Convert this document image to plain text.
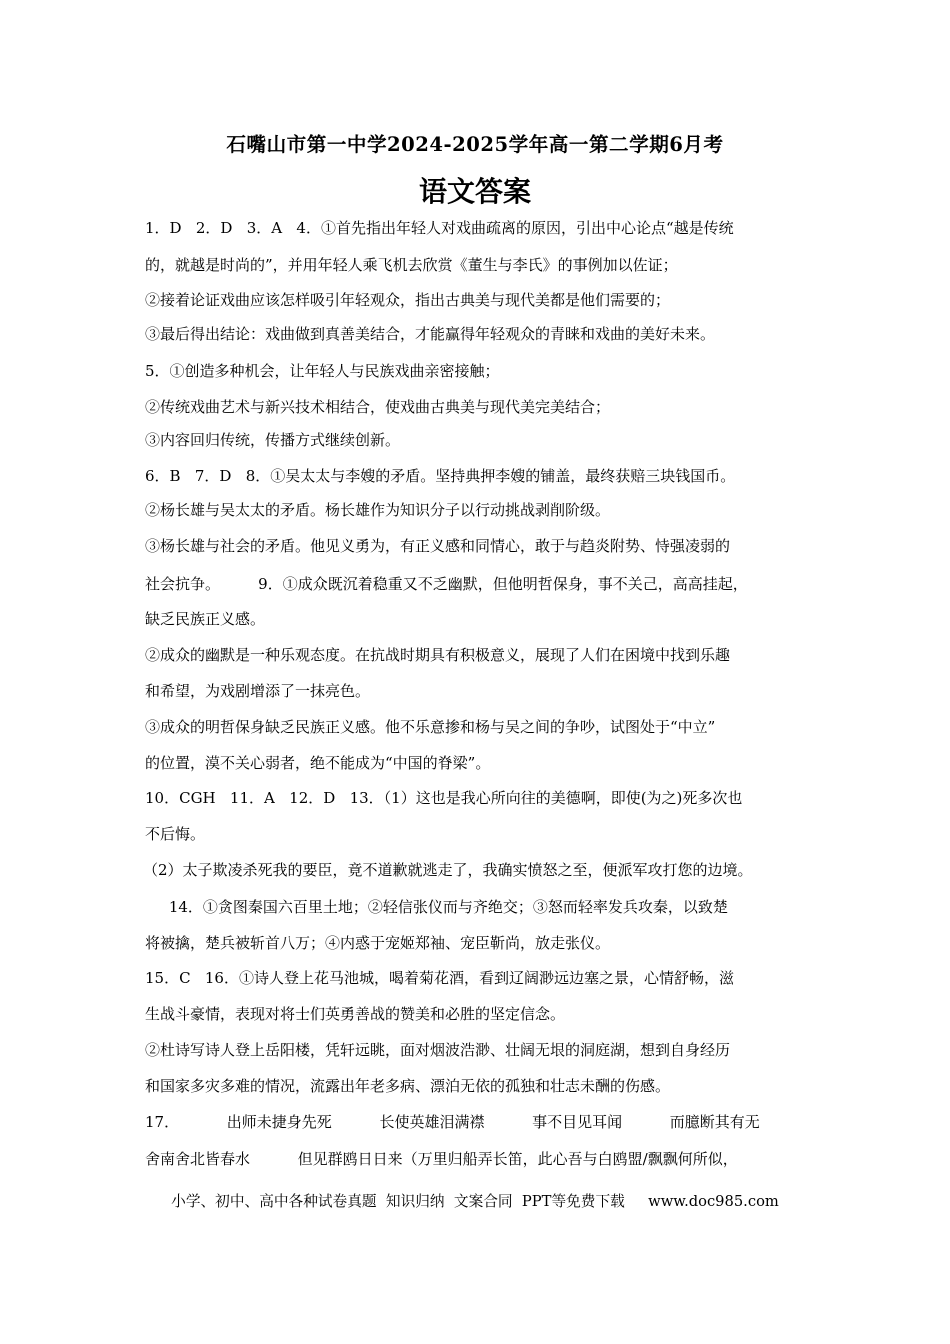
石嘴山市第一中学2024-2025学年高一第二学期6月考
语文答案
1．D   2．D   3．A   4．①首先指出年轻人对戏曲疏离的原因，引出中心论点“越是传统
的，就越是时尚的”，并用年轻人乘飞机去欣赏《董生与李氏》的事例加以佐证；
②接着论证戏曲应该怎样吸引年轻观众，指出古典美与现代美都是他们需要的；
③最后得出结论：戏曲做到真善美结合，才能赢得年轻观众的青睐和戏曲的美好未来。
5．①创造多种机会，让年轻人与民族戏曲亲密接触；
②传统戏曲艺术与新兴技术相结合，使戏曲古典美与现代美完美结合；
③内容回归传统，传播方式继续创新。
6．B   7．D   8．①吴太太与李嫂的矛盾。坚持典押李嫂的铺盖，最终获赔三块钱国币。
②杨长雄与吴太太的矛盾。杨长雄作为知识分子以行动挑战剥削阶级。
③杨长雄与社会的矛盾。他见义勇为，有正义感和同情心，敢于与趋炎附势、恃强凌弱的
社会抗争。        9．①成众既沉着稳重又不乏幽默，但他明哲保身，事不关己，高高挂起，
缺乏民族正义感。
②成众的幽默是一种乐观态度。在抗战时期具有积极意义，展现了人们在困境中找到乐趣
和希望，为戏剧增添了一抹亮色。
③成众的明哲保身缺乏民族正义感。他不乐意掺和杨与吴之间的争吵，试图处于“中立”
的位置，漠不关心弱者，绝不能成为“中国的脊梁”。
10．CGH   11．A   12．D   13．（1）这也是我心所向往的美德啊，即使(为之)死多次也
不后悔。
（2）太子欺凌杀死我的要臣，竟不道歉就逃走了，我确实愤怒之至，便派军攻打您的边境。
14．①贪图秦国六百里土地；②轻信张仪而与齐绝交；③怒而轻率发兵攻秦，以致楚
将被擒，楚兵被斩首八万；④内惑于宠姬郑袖、宠臣靳尚，放走张仪。
15．C   16．①诗人登上花马池城，喝着菊花酒，看到辽阔渺远边塞之景，心情舒畅，滋
生战斗豪情，表现对将士们英勇善战的赞美和必胜的坚定信念。
②杜诗写诗人登上岳阳楼，凭轩远眺，面对烟波浩渺、壮阔无垠的洞庭湖，想到自身经历
和国家多灾多难的情况，流露出年老多病、漂泊无依的孤独和壮志未酬的伤感。
17．          出师未捷身先死          长使英雄泪满襟          事不目见耳闻          而臆断其有无
舍南舍北皆春水          但见群鸥日日来（万里归船弄长笛，此心吾与白鸥盟/飘飘何所似，
小学、初中、高中各种试卷真题  知识归纳  文案合同  PPT等免费下载     www.doc985.com
